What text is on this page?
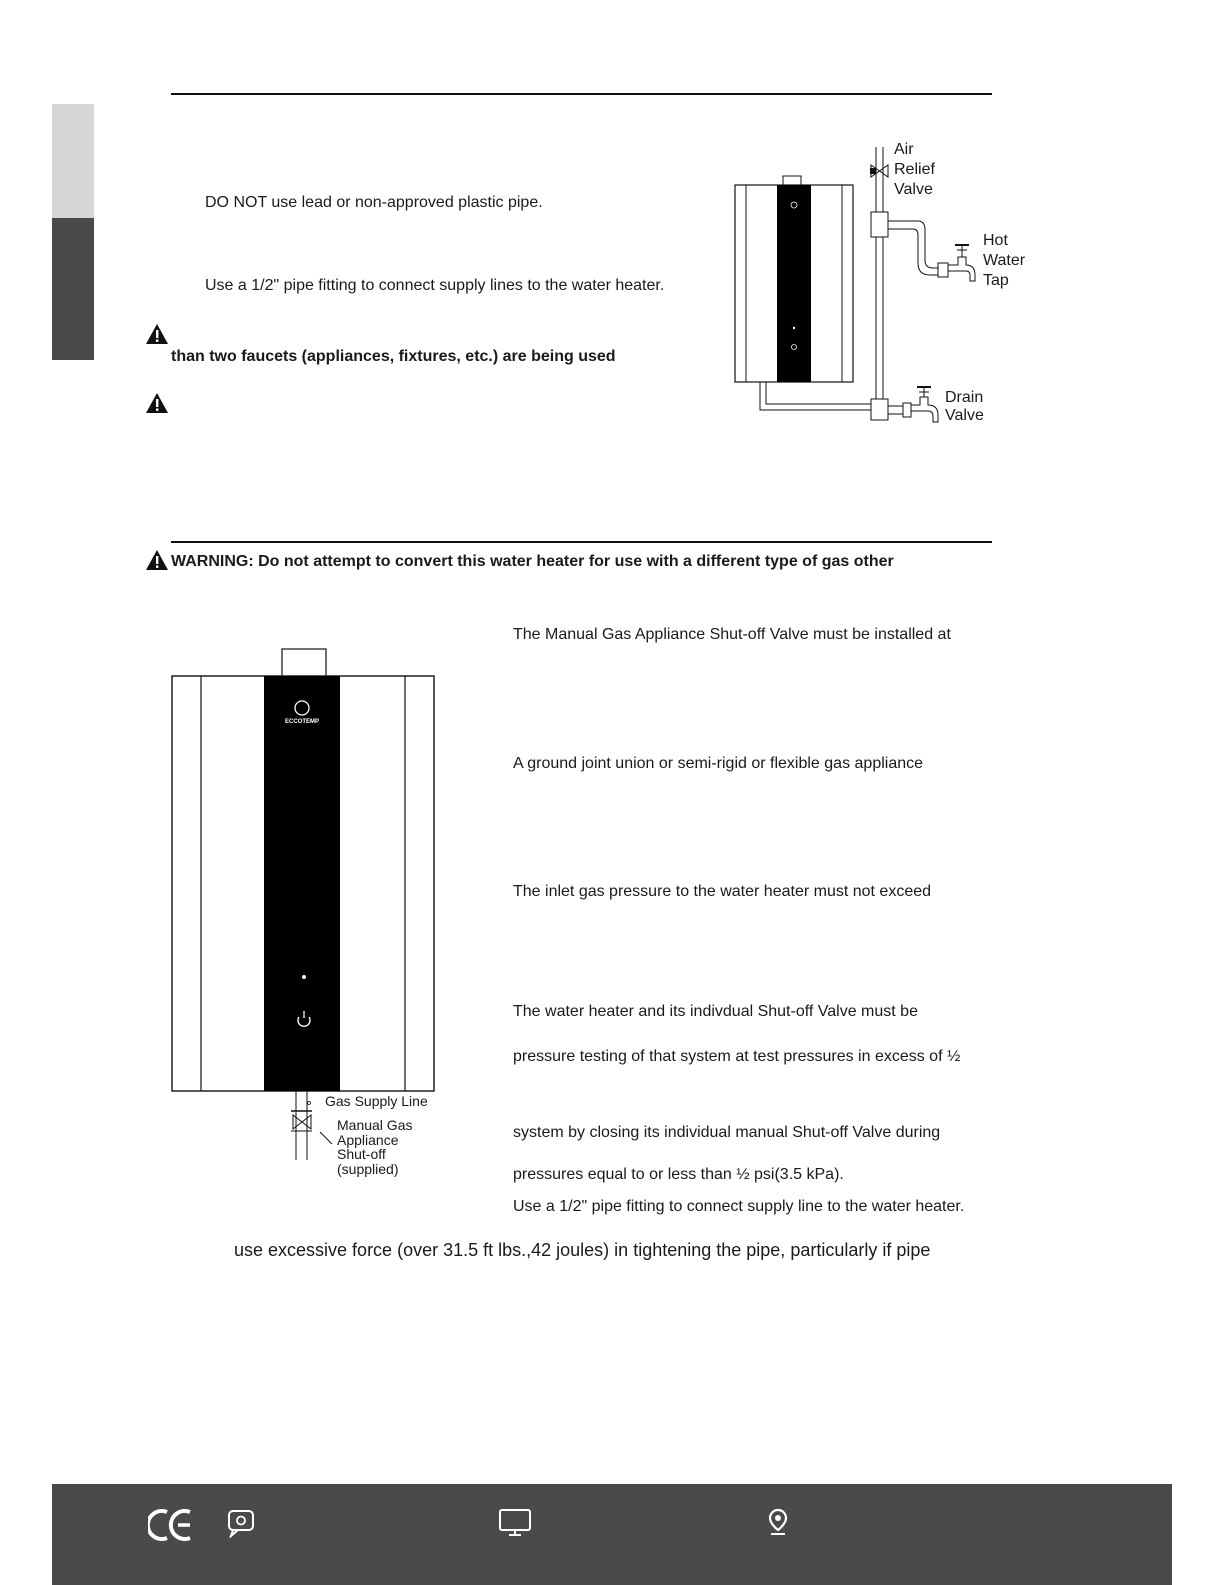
DO NOT use lead or non-approved plastic pipe.
Use a 1/2" pipe fitting to connect supply lines to the water heater.
than two faucets (appliances, fixtures, etc.) are being used
Air
Relief
Valve
Hot
Water
Tap
Drain
Valve
WARNING: Do not attempt to convert this water heater for use with a different type of gas other
ECCOTEMP
Gas Supply Line
Manual Gas
Appliance
Shut-off
(supplied)
The Manual Gas Appliance Shut-off Valve must be installed at
A ground joint union or semi-rigid or flexible gas appliance
The inlet gas pressure to the water heater must not exceed
The water heater and its indivdual Shut-off Valve must be
pressure testing of that system at test pressures in excess of ½
system by closing its individual manual Shut-off Valve during
pressures equal to or less than ½ psi(3.5 kPa).
Use a 1/2" pipe fitting to connect supply line to the water heater.
use excessive force (over 31.5 ft lbs.,42 joules) in tightening the pipe, particularly if pipe
